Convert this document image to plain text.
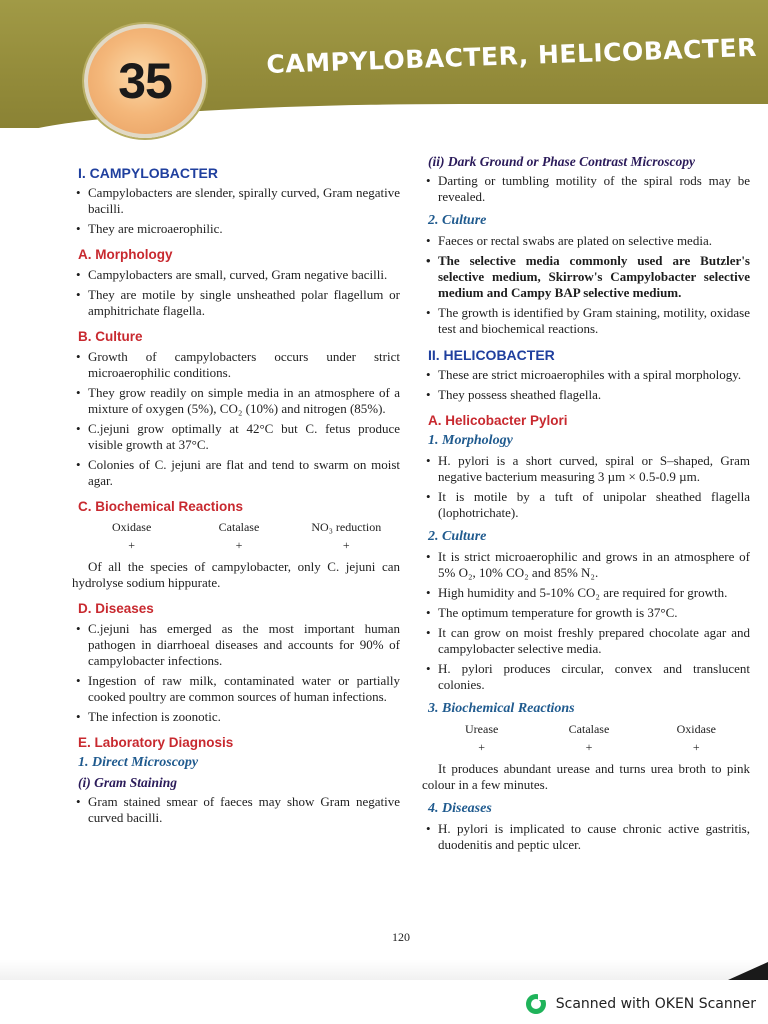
35	CAMPYLOBACTER, HELICOBACTER
I. CAMPYLOBACTER
• Campylobacters are slender, spirally curved, Gram negative bacilli.
• They are microaerophilic.
A. Morphology
• Campylobacters are small, curved, Gram negative bacilli.
• They are motile by single unsheathed polar flagellum or amphitrichate flagella.
B. Culture
• Growth of campylobacters occurs under strict microaerophilic conditions.
• They grow readily on simple media in an atmosphere of a mixture of oxygen (5%), CO₂ (10%) and nitrogen (85%).
• C.jejuni grow optimally at 42°C but C. fetus produce visible growth at 37°C.
• Colonies of C. jejuni are flat and tend to swarm on moist agar.
C. Biochemical Reactions
Oxidase	Catalase	NO₃ reduction
+	+	+
Of all the species of campylobacter, only C. jejuni can hydrolyse sodium hippurate.
D. Diseases
• C.jejuni has emerged as the most important human pathogen in diarrhoeal diseases and accounts for 90% of campylobacter infections.
• Ingestion of raw milk, contaminated water or partially cooked poultry are common sources of human infections.
• The infection is zoonotic.
E. Laboratory Diagnosis
1. Direct Microscopy
(i) Gram Staining
• Gram stained smear of faeces may show Gram negative curved bacilli.
(ii) Dark Ground or Phase Contrast Microscopy
• Darting or tumbling motility of the spiral rods may be revealed.
2. Culture
• Faeces or rectal swabs are plated on selective media.
• The selective media commonly used are Butzler's selective medium, Skirrow's Campylobacter selective medium and Campy BAP selective medium.
• The growth is identified by Gram staining, motility, oxidase test and biochemical reactions.
II. HELICOBACTER
• These are strict microaerophiles with a spiral morphology.
• They possess sheathed flagella.
A. Helicobacter Pylori
1. Morphology
• H. pylori is a short curved, spiral or S–shaped, Gram negative bacterium measuring 3 µm × 0.5-0.9 µm.
• It is motile by a tuft of unipolar sheathed flagella (lophotrichate).
2. Culture
• It is strict microaerophilic and grows in an atmosphere of 5% O₂, 10% CO₂ and 85% N₂.
• High humidity and 5-10% CO₂ are required for growth.
• The optimum temperature for growth is 37°C.
• It can grow on moist freshly prepared chocolate agar and campylobacter selective media.
• H. pylori produces circular, convex and translucent colonies.
3. Biochemical Reactions
Urease	Catalase	Oxidase
+	+	+
It produces abundant urease and turns urea broth to pink colour in a few minutes.
4. Diseases
• H. pylori is implicated to cause chronic active gastritis, duodenitis and peptic ulcer.
120
Scanned with OKEN Scanner
